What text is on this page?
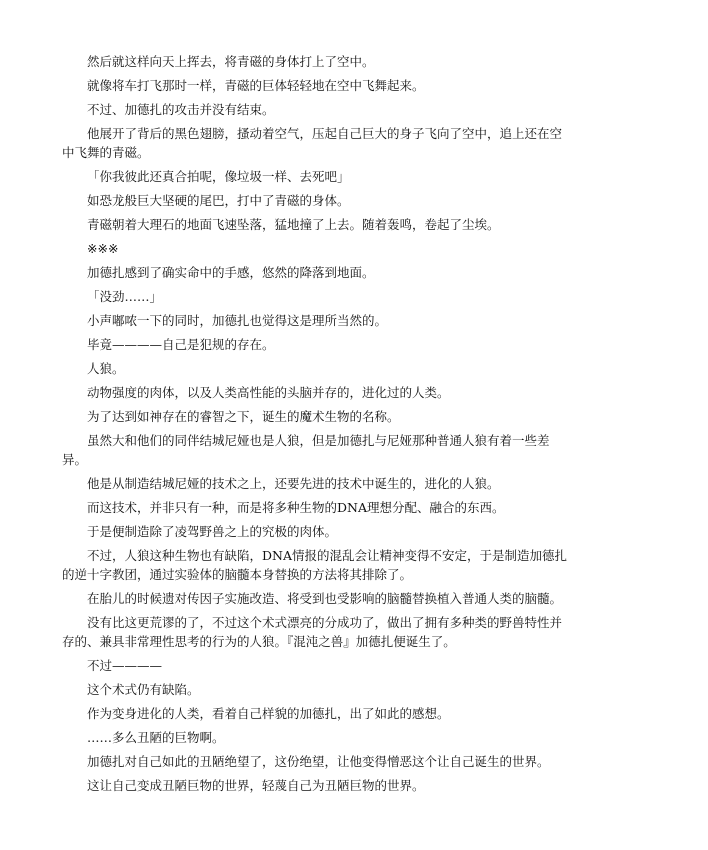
然后就这样向天上挥去，将青磁的身体打上了空中。

就像将车打飞那时一样，青磁的巨体轻轻地在空中飞舞起来。

不过、加德扎的攻击并没有结束。

他展开了背后的黑色翅膀，搔动着空气，压起自己巨大的身子飞向了空中，追上还在空中飞舞的青磁。

「你我彼此还真合拍呢，像垃圾一样、去死吧」

如恐龙般巨大坚硬的尾巴，打中了青磁的身体。

青磁朝着大理石的地面飞速坠落，猛地撞了上去。随着轰鸣，卷起了尘埃。

※※※

加德扎感到了确实命中的手感，悠然的降落到地面。

「没劲……」

小声嘟哝一下的同时，加德扎也觉得这是理所当然的。

毕竟————自己是犯规的存在。

人狼。

动物强度的肉体，以及人类高性能的头脑并存的，进化过的人类。

为了达到如神存在的睿智之下，诞生的魔术生物的名称。

虽然大和他们的同伴结城尼娅也是人狼，但是加德扎与尼娅那种普通人狼有着一些差异。

他是从制造结城尼娅的技术之上，还要先进的技术中诞生的，进化的人狼。

而这技术，并非只有一种，而是将多种生物的DNA理想分配、融合的东西。

于是便制造除了凌驾野兽之上的究极的肉体。

不过，人狼这种生物也有缺陷，DNA情报的混乱会让精神变得不安定，于是制造加德扎的逆十字教团，通过实验体的脑髓本身替换的方法将其排除了。

在胎儿的时候遗对传因子实施改造、将受到也受影响的脑髓替换植入普通人类的脑髓。

没有比这更荒谬的了，不过这个术式漂亮的分成功了，做出了拥有多种类的野兽特性并存的、兼具非常理性思考的行为的人狼。『混沌之兽』加德扎便诞生了。

不过————

这个术式仍有缺陷。

作为变身进化的人类，看着自己样貌的加德扎，出了如此的感想。

……多么丑陋的巨物啊。

加德扎对自己如此的丑陋绝望了，这份绝望，让他变得憎恶这个让自己诞生的世界。

这让自己变成丑陋巨物的世界，轻蔑自己为丑陋巨物的世界。
